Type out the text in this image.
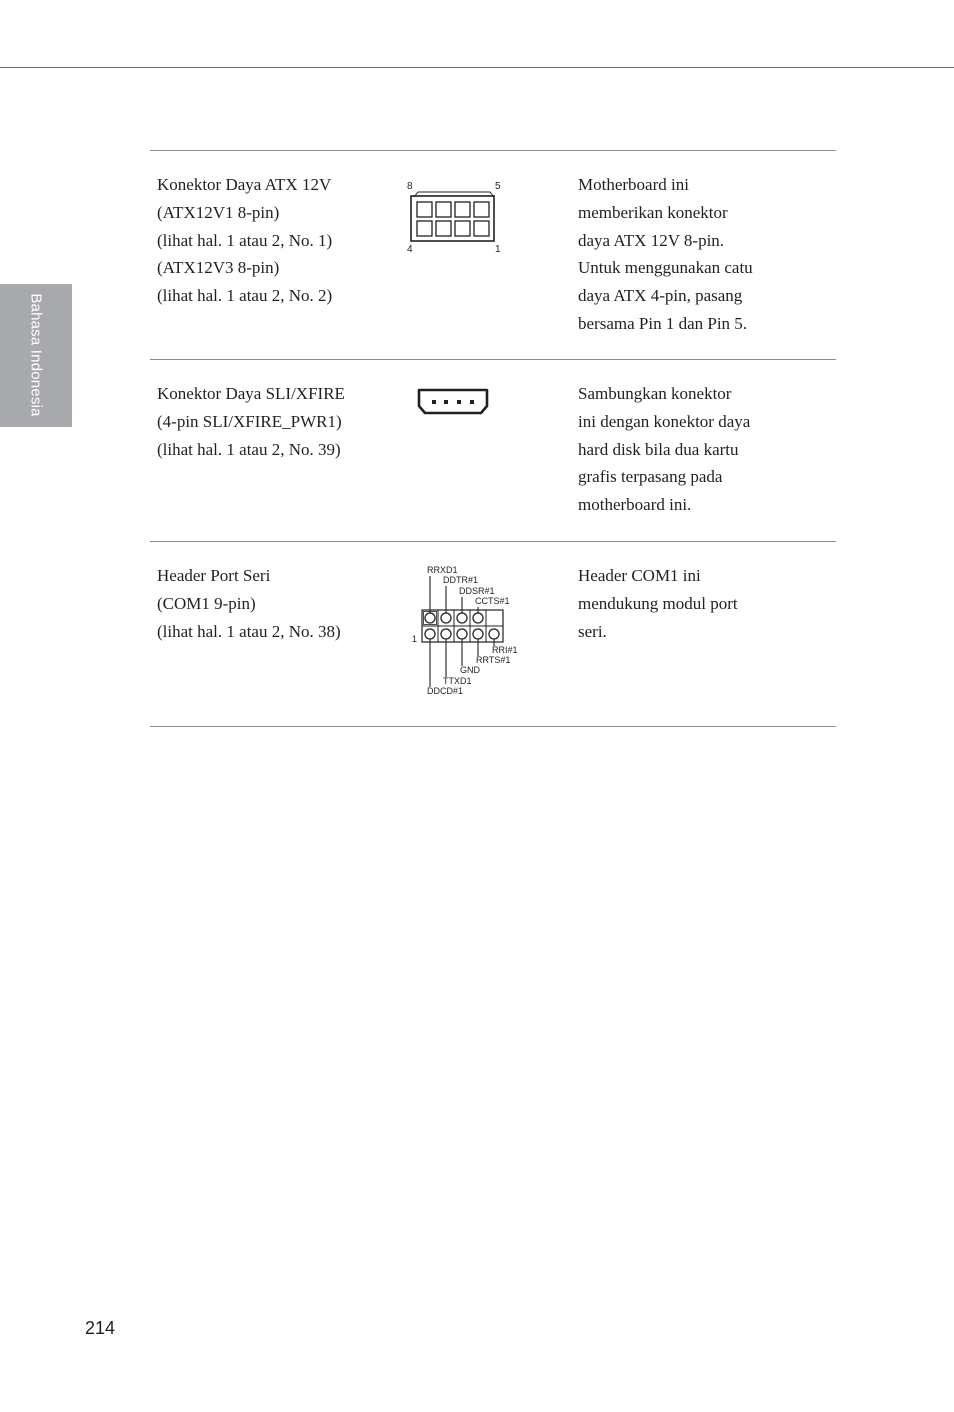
Bahasa Indonesia
Konektor Daya ATX 12V
(ATX12V1 8-pin)
(lihat hal. 1 atau 2, No. 1)
(ATX12V3 8-pin)
(lihat hal. 1 atau 2, No. 2)
8	5
4	1
Motherboard ini
memberikan konektor
daya ATX 12V 8-pin.
Untuk menggunakan catu
daya ATX 4-pin, pasang
bersama Pin 1 dan Pin 5.
Konektor Daya SLI/XFIRE
(4-pin SLI/XFIRE_PWR1)
(lihat hal. 1 atau 2, No. 39)
Sambungkan konektor
ini dengan konektor daya
hard disk bila dua kartu
grafis terpasang pada
motherboard ini.
Header Port Seri
(COM1 9-pin)
(lihat hal. 1 atau 2, No. 38)
RRXD1
DDTR#1
DDSR#1
CCTS#1
1
RRI#1
RRTS#1
GND
TTXD1
DDCD#1
Header COM1 ini
mendukung modul port
seri.
214
